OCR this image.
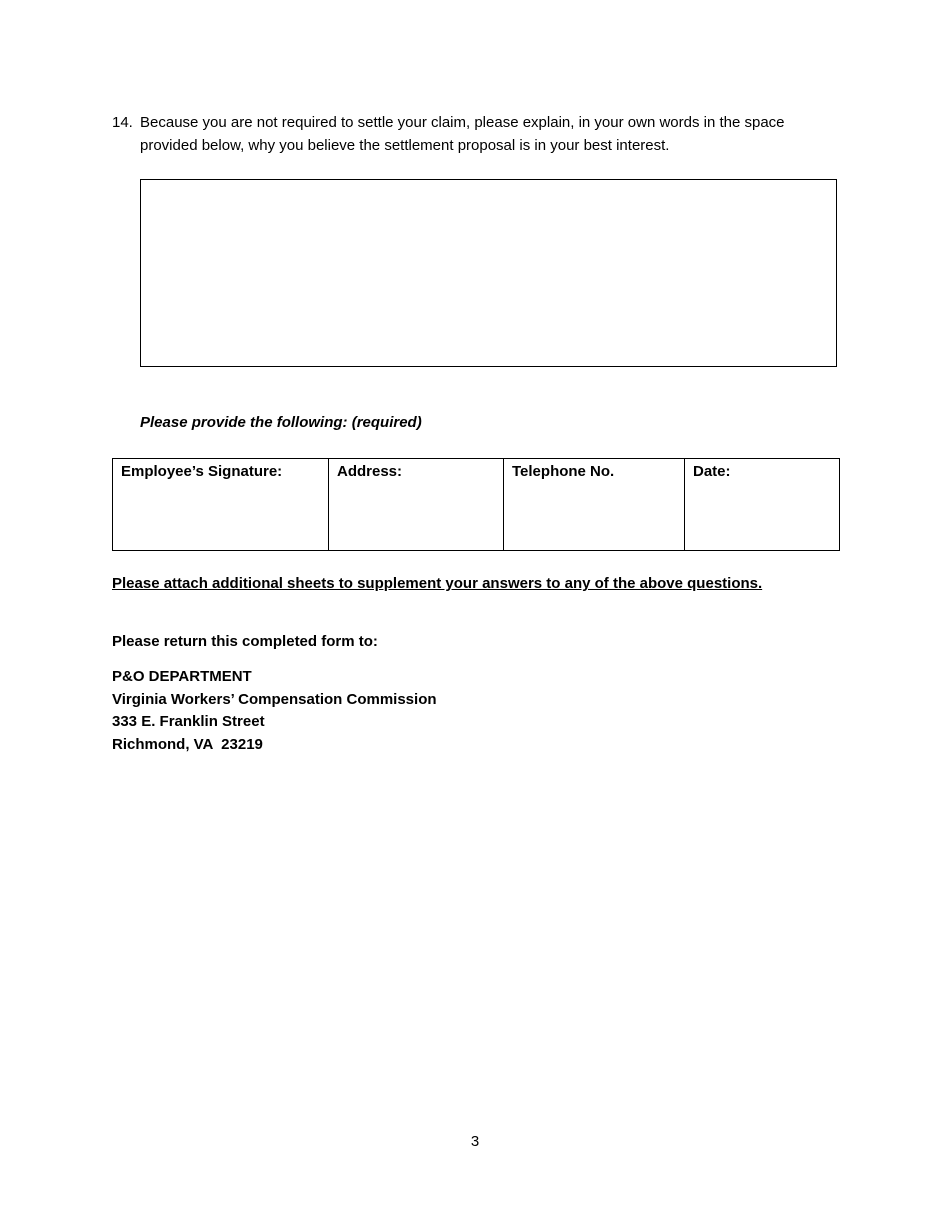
14. Because you are not required to settle your claim, please explain, in your own words in the space provided below, why you believe the settlement proposal is in your best interest.
Please provide the following: (required)
Employee’s Signature:	Address:	Telephone No.	Date:
Please attach additional sheets to supplement your answers to any of the above questions.
Please return this completed form to:
P&O DEPARTMENT
Virginia Workers’ Compensation Commission
333 E. Franklin Street
Richmond, VA  23219
3
